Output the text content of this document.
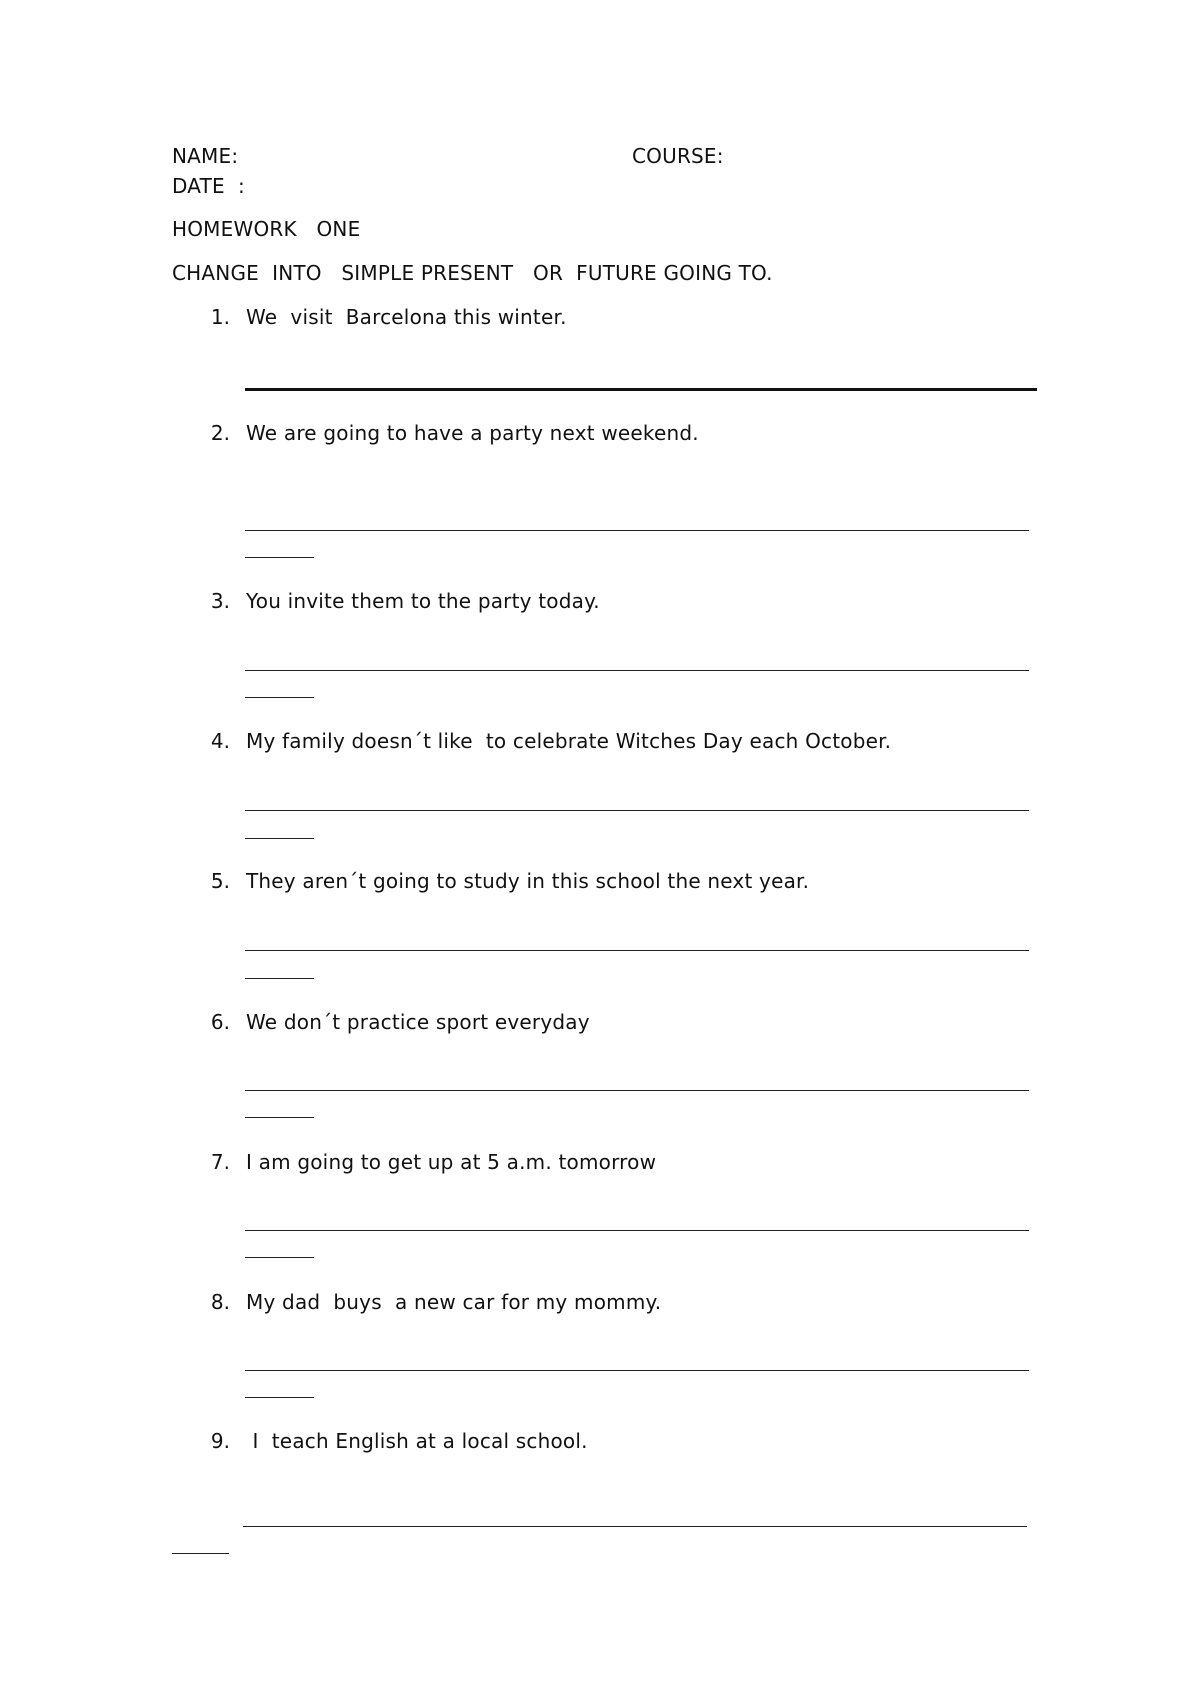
NAME:	COURSE:
DATE  :
HOMEWORK   ONE
CHANGE  INTO   SIMPLE PRESENT   OR  FUTURE GOING TO.
1. We  visit  Barcelona this winter.
2. We are going to have a party next weekend.
3. You invite them to the party today.
4. My family doesn´t like  to celebrate Witches Day each October.
5. They aren´t going to study in this school the next year.
6. We don´t practice sport everyday
7. I am going to get up at 5 a.m. tomorrow
8. My dad  buys  a new car for my mommy.
9. I  teach English at a local school.
